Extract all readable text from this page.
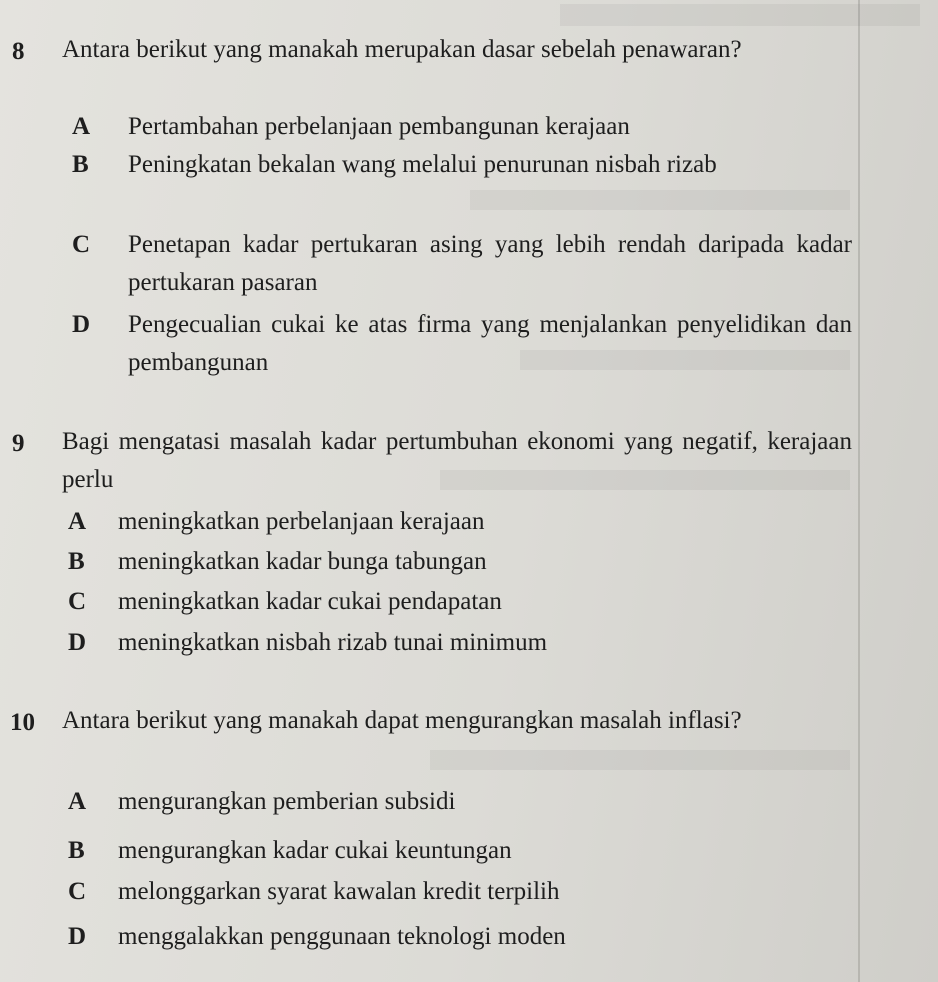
8 Antara berikut yang manakah merupakan dasar sebelah penawaran?
A Pertambahan perbelanjaan pembangunan kerajaan
B Peningkatan bekalan wang melalui penurunan nisbah rizab
C Penetapan kadar pertukaran asing yang lebih rendah daripada kadar pertukaran pasaran
D Pengecualian cukai ke atas firma yang menjalankan penyelidikan dan pembangunan
9 Bagi mengatasi masalah kadar pertumbuhan ekonomi yang negatif, kerajaan perlu
A meningkatkan perbelanjaan kerajaan
B meningkatkan kadar bunga tabungan
C meningkatkan kadar cukai pendapatan
D meningkatkan nisbah rizab tunai minimum
10 Antara berikut yang manakah dapat mengurangkan masalah inflasi?
A mengurangkan pemberian subsidi
B mengurangkan kadar cukai keuntungan
C melonggarkan syarat kawalan kredit terpilih
D menggalakkan penggunaan teknologi moden
